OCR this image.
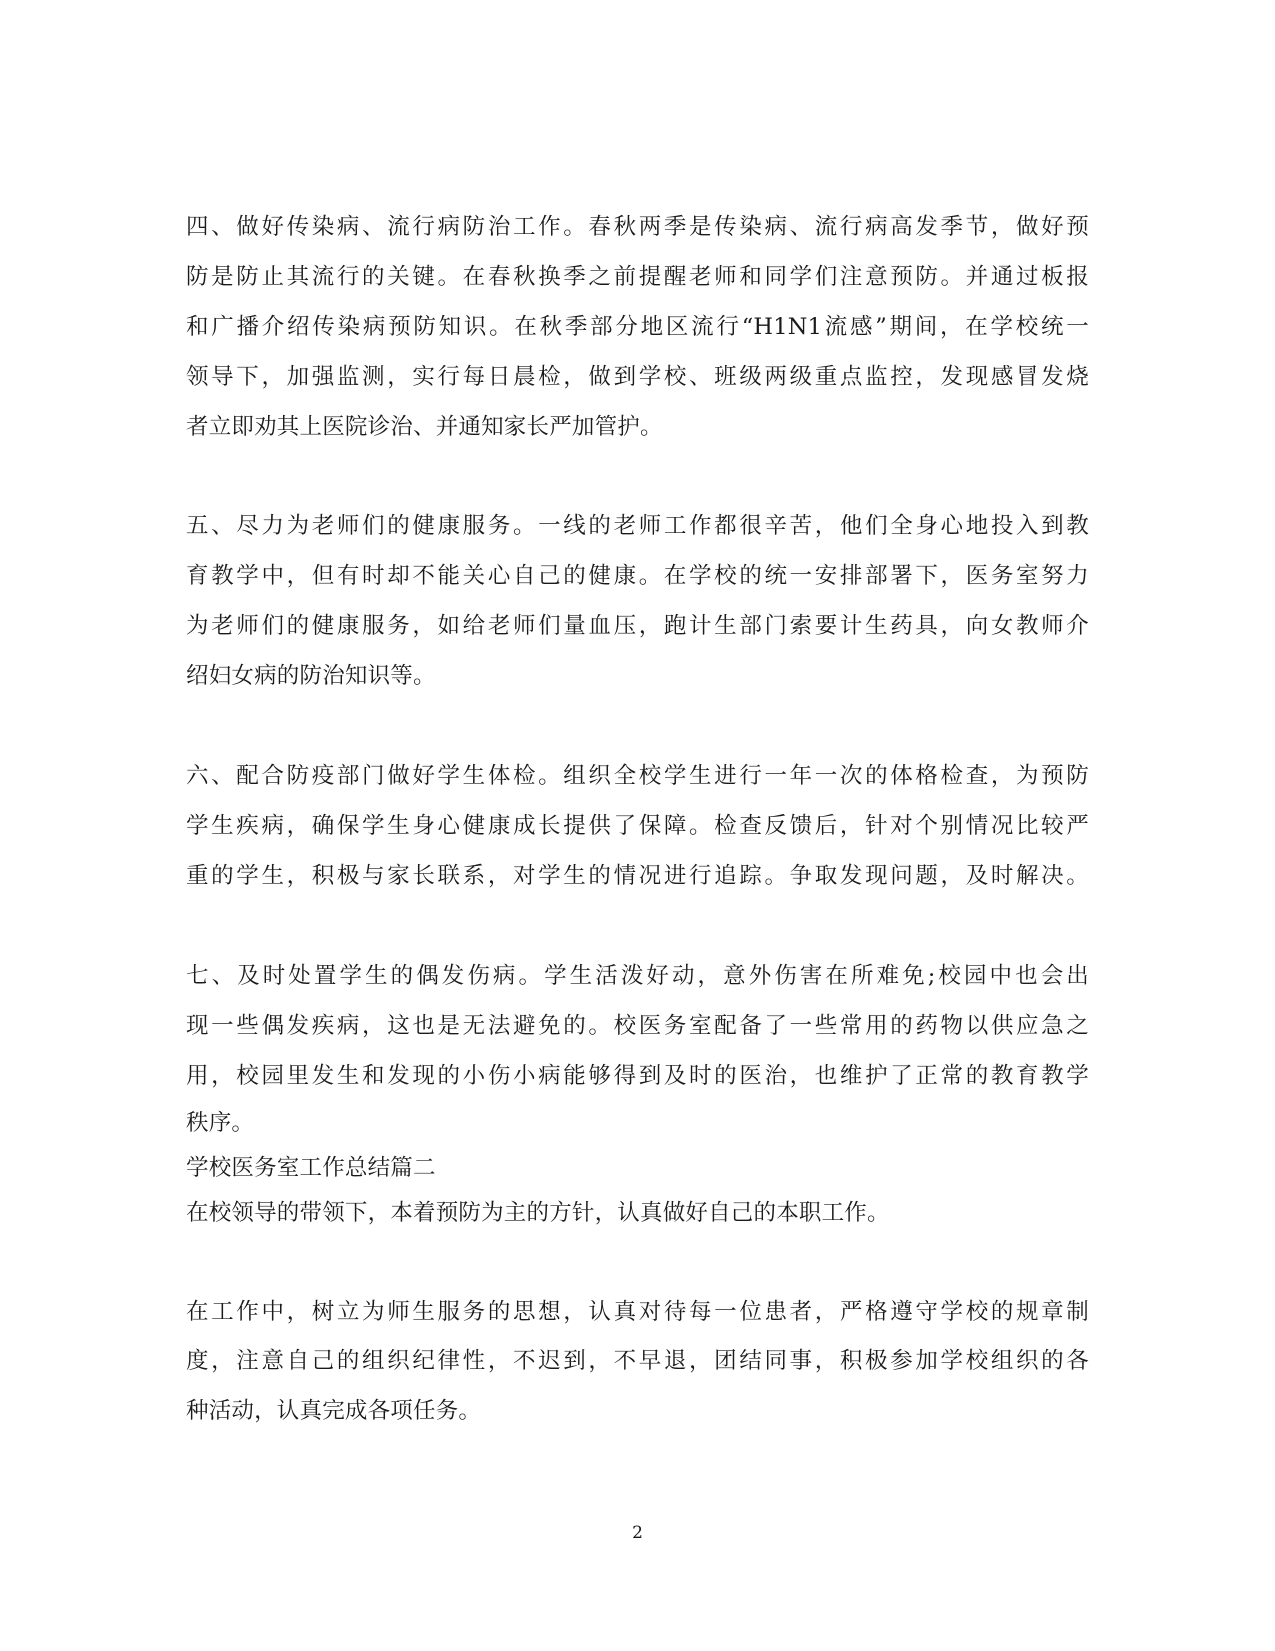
四、做好传染病、流行病防治工作。春秋两季是传染病、流行病高发季节，做好预
防是防止其流行的关键。在春秋换季之前提醒老师和同学们注意预防。并通过板报
和广播介绍传染病预防知识。在秋季部分地区流行“H1N1流感”期间，在学校统一
领导下，加强监测，实行每日晨检，做到学校、班级两级重点监控，发现感冒发烧
者立即劝其上医院诊治、并通知家长严加管护。
五、尽力为老师们的健康服务。一线的老师工作都很辛苦，他们全身心地投入到教
育教学中，但有时却不能关心自己的健康。在学校的统一安排部署下，医务室努力
为老师们的健康服务，如给老师们量血压，跑计生部门索要计生药具，向女教师介
绍妇女病的防治知识等。
六、配合防疫部门做好学生体检。组织全校学生进行一年一次的体格检查，为预防
学生疾病，确保学生身心健康成长提供了保障。检查反馈后，针对个别情况比较严
重的学生，积极与家长联系，对学生的情况进行追踪。争取发现问题，及时解决。
七、及时处置学生的偶发伤病。学生活泼好动，意外伤害在所难免;校园中也会出
现一些偶发疾病，这也是无法避免的。校医务室配备了一些常用的药物以供应急之
用，校园里发生和发现的小伤小病能够得到及时的医治，也维护了正常的教育教学
秩序。
学校医务室工作总结篇二
在校领导的带领下，本着预防为主的方针，认真做好自己的本职工作。
在工作中，树立为师生服务的思想，认真对待每一位患者，严格遵守学校的规章制
度，注意自己的组织纪律性，不迟到，不早退，团结同事，积极参加学校组织的各
种活动，认真完成各项任务。
2
